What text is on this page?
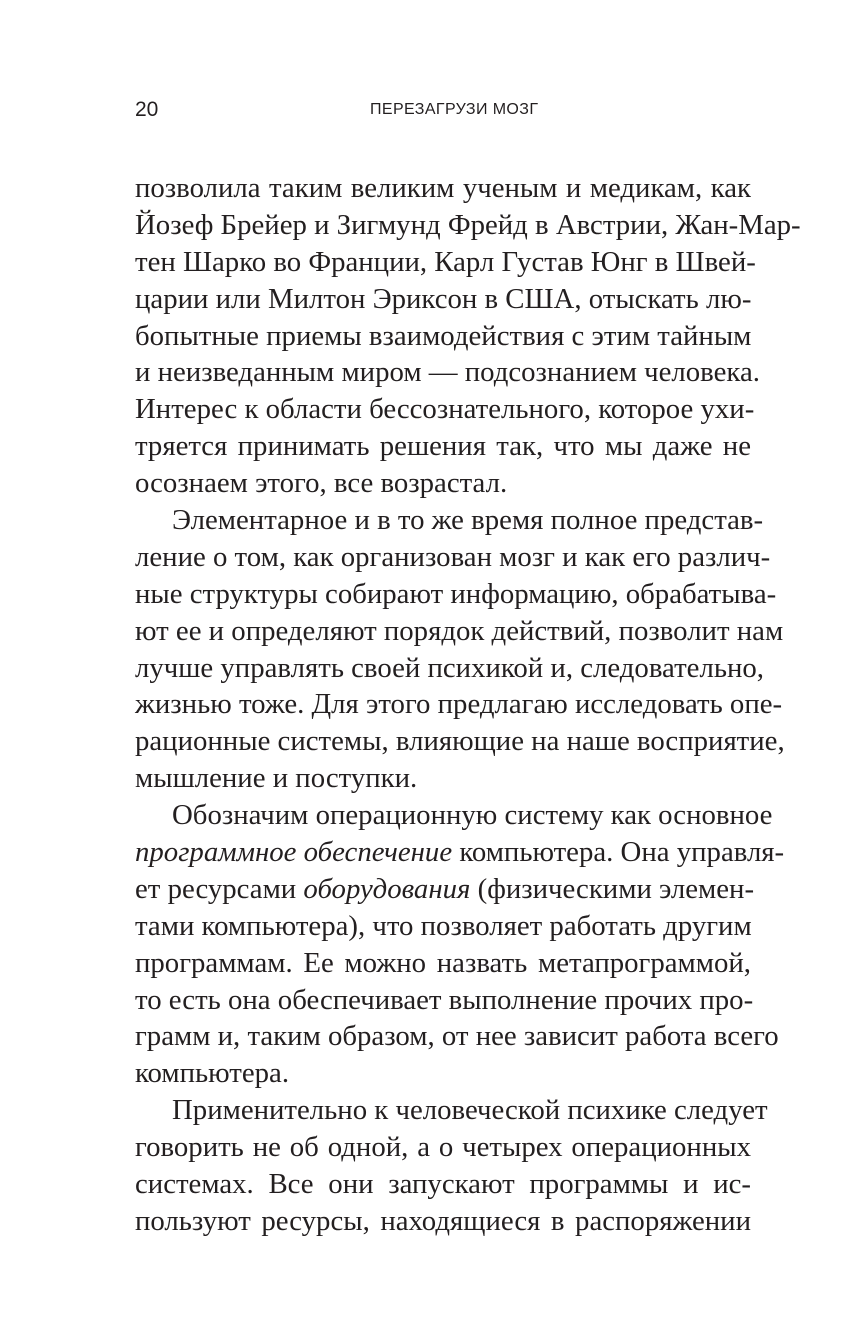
20	ПЕРЕЗАГРУЗИ МОЗГ
позволила таким великим ученым и медикам, как
Йозеф Брейер и Зигмунд Фрейд в Австрии, Жан-Мар-
тен Шарко во Франции, Карл Густав Юнг в Швей-
царии или Милтон Эриксон в США, отыскать лю-
бопытные приемы взаимодействия с этим тайным
и неизведанным миром — подсознанием человека.
Интерес к области бессознательного, которое ухи-
тряется принимать решения так, что мы даже не
осознаем этого, все возрастал.
Элементарное и в то же время полное представ-
ление о том, как организован мозг и как его различ-
ные структуры собирают информацию, обрабатыва-
ют ее и определяют порядок действий, позволит нам
лучше управлять своей психикой и, следовательно,
жизнью тоже. Для этого предлагаю исследовать опе-
рационные системы, влияющие на наше восприятие,
мышление и поступки.
Обозначим операционную систему как основное
программное обеспечение компьютера. Она управля-
ет ресурсами оборудования (физическими элемен-
тами компьютера), что позволяет работать другим
программам. Ее можно назвать метапрограммой,
то есть она обеспечивает выполнение прочих про-
грамм и, таким образом, от нее зависит работа всего
компьютера.
Применительно к человеческой психике следует
говорить не об одной, а о четырех операционных
системах. Все они запускают программы и ис-
пользуют ресурсы, находящиеся в распоряжении
